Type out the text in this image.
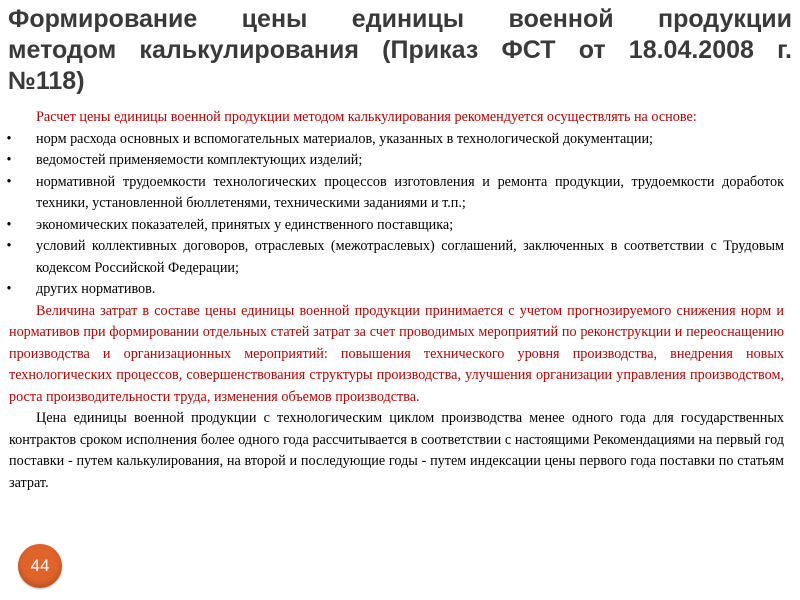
Формирование цены единицы военной продукции
методом калькулирования (Приказ ФСТ от 18.04.2008 г.
№118)

Расчет цены единицы военной продукции методом калькулирования рекомендуется осуществлять на основе:

• норм расхода основных и вспомогательных материалов, указанных в технологической документации;
• ведомостей применяемости комплектующих изделий;
• нормативной трудоемкости технологических процессов изготовления и ремонта продукции, трудоемкости доработок техники, установленной бюллетенями, техническими заданиями и т.п.;
• экономических показателей, принятых у единственного поставщика;
• условий коллективных договоров, отраслевых (межотраслевых) соглашений, заключенных в соответствии с Трудовым кодексом Российской Федерации;
• других нормативов.

Величина затрат в составе цены единицы военной продукции принимается с учетом прогнозируемого снижения норм и нормативов при формировании отдельных статей затрат за счет проводимых мероприятий по реконструкции и переоснащению производства и организационных мероприятий: повышения технического уровня производства, внедрения новых технологических процессов, совершенствования структуры производства, улучшения организации управления производством, роста производительности труда, изменения объемов производства.

Цена единицы военной продукции с технологическим циклом производства менее одного года для государственных контрактов сроком исполнения более одного года рассчитывается в соответствии с настоящими Рекомендациями на первый год поставки - путем калькулирования, на второй и последующие годы - путем индексации цены первого года поставки по статьям затрат.

44
